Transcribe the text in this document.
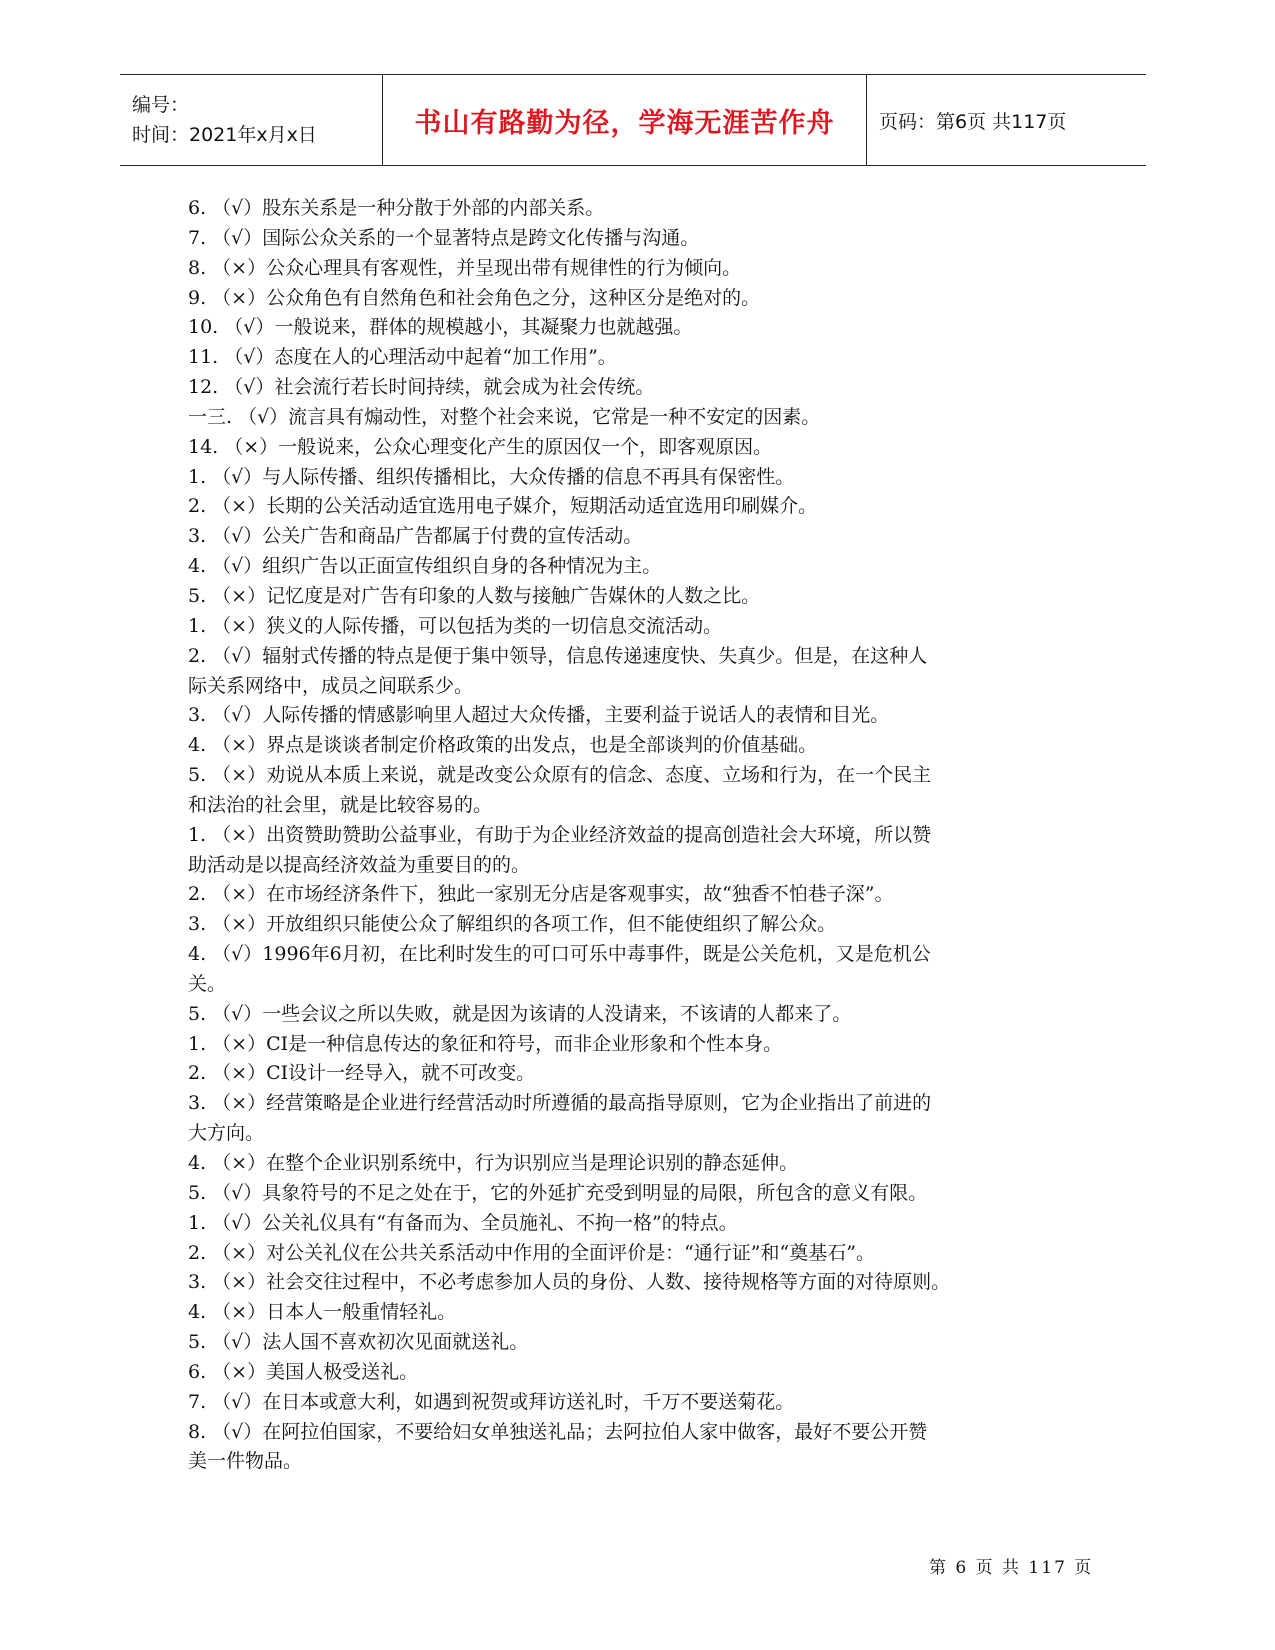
编号：
时间：2021年x月x日	书山有路勤为径，学海无涯苦作舟 页码：第6页 共117页
6. （√）股东关系是一种分散于外部的内部关系。
7. （√）国际公众关系的一个显著特点是跨文化传播与沟通。
8. （×）公众心理具有客观性，并呈现出带有规律性的行为倾向。
9. （×）公众角色有自然角色和社会角色之分，这种区分是绝对的。
10. （√）一般说来，群体的规模越小，其凝聚力也就越强。
11. （√）态度在人的心理活动中起着“加工作用”。
12. （√）社会流行若长时间持续，就会成为社会传统。
一三. （√）流言具有煽动性，对整个社会来说，它常是一种不安定的因素。
14. （×）一般说来，公众心理变化产生的原因仅一个，即客观原因。
1. （√）与人际传播、组织传播相比，大众传播的信息不再具有保密性。
2. （×）长期的公关活动适宜选用电子媒介，短期活动适宜选用印刷媒介。
3. （√）公关广告和商品广告都属于付费的宣传活动。
4. （√）组织广告以正面宣传组织自身的各种情况为主。
5. （×）记忆度是对广告有印象的人数与接触广告媒休的人数之比。
1. （×）狭义的人际传播，可以包括为类的一切信息交流活动。
2. （√）辐射式传播的特点是便于集中领导，信息传递速度快、失真少。但是，在这种人
际关系网络中，成员之间联系少。
3. （√）人际传播的情感影响里人超过大众传播，主要利益于说话人的表情和目光。
4. （×）界点是谈谈者制定价格政策的出发点，也是全部谈判的价值基础。
5. （×）劝说从本质上来说，就是改变公众原有的信念、态度、立场和行为，在一个民主
和法治的社会里，就是比较容易的。
1. （×）出资赞助赞助公益事业，有助于为企业经济效益的提高创造社会大环境，所以赞
助活动是以提高经济效益为重要目的的。
2. （×）在市场经济条件下，独此一家别无分店是客观事实，故“独香不怕巷子深”。
3. （×）开放组织只能使公众了解组织的各项工作，但不能使组织了解公众。
4. （√）1996年6月初，在比利时发生的可口可乐中毒事件，既是公关危机，又是危机公
关。
5. （√）一些会议之所以失败，就是因为该请的人没请来，不该请的人都来了。
1. （×）CI是一种信息传达的象征和符号，而非企业形象和个性本身。
2. （×）CI设计一经导入，就不可改变。
3. （×）经营策略是企业进行经营活动时所遵循的最高指导原则，它为企业指出了前进的
大方向。
4. （×）在整个企业识别系统中，行为识别应当是理论识别的静态延伸。
5. （√）具象符号的不足之处在于，它的外延扩充受到明显的局限，所包含的意义有限。
1. （√）公关礼仪具有“有备而为、全员施礼、不拘一格”的特点。
2. （×）对公关礼仪在公共关系活动中作用的全面评价是：“通行证”和“奠基石”。
3. （×）社会交往过程中，不必考虑参加人员的身份、人数、接待规格等方面的对待原则。
4. （×）日本人一般重情轻礼。
5. （√）法人国不喜欢初次见面就送礼。
6. （×）美国人极受送礼。
7. （√）在日本或意大利，如遇到祝贺或拜访送礼时，千万不要送菊花。
8. （√）在阿拉伯国家，不要给妇女单独送礼品；去阿拉伯人家中做客，最好不要公开赞
美一件物品。
第 6 页 共 117 页
